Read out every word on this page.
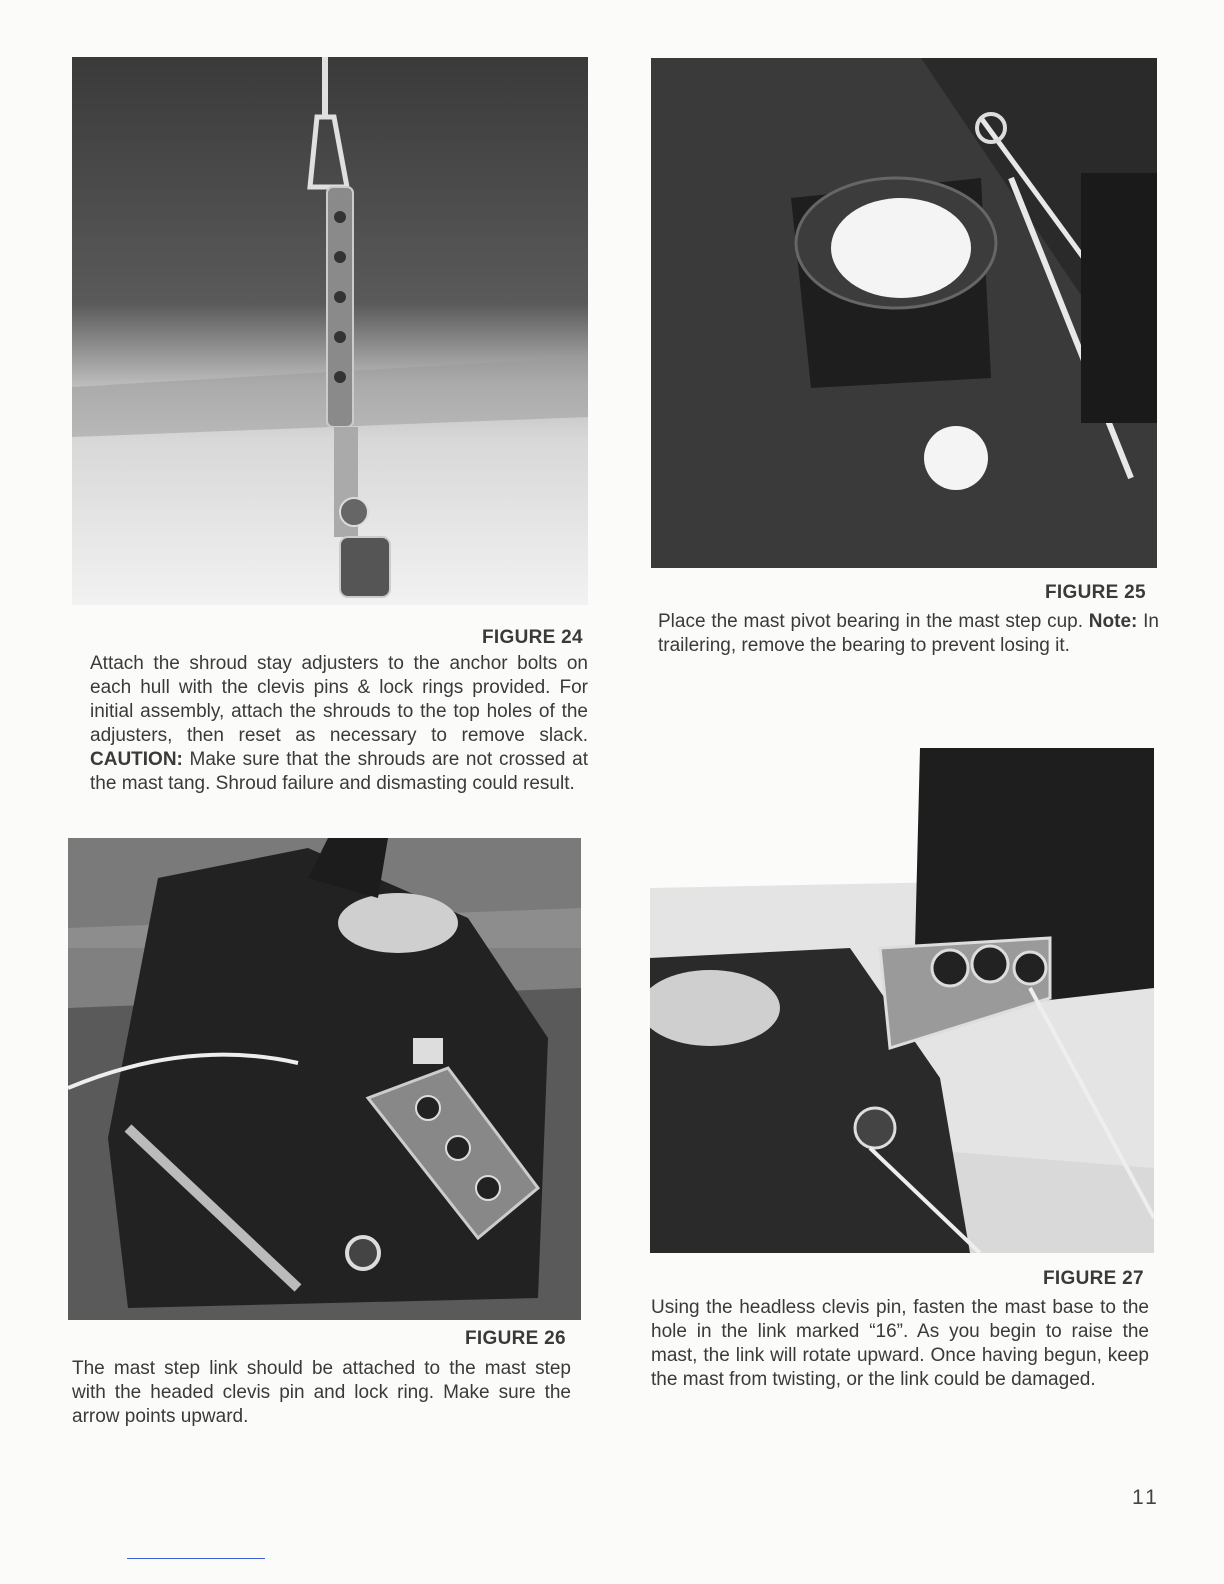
FIGURE 24
Attach the shroud stay adjusters to the anchor bolts on each hull with the clevis pins & lock rings provided. For initial assembly, attach the shrouds to the top holes of the adjusters, then reset as necessary to remove slack. CAUTION: Make sure that the shrouds are not crossed at the mast tang. Shroud failure and dismasting could result.
FIGURE 25
Place the mast pivot bearing in the mast step cup. Note: In trailering, remove the bearing to prevent losing it.
FIGURE 26
The mast step link should be attached to the mast step with the headed clevis pin and lock ring. Make sure the arrow points upward.
FIGURE 27
Using the headless clevis pin, fasten the mast base to the hole in the link marked “16”. As you begin to raise the mast, the link will rotate upward. Once having begun, keep the mast from twisting, or the link could be damaged.
11
